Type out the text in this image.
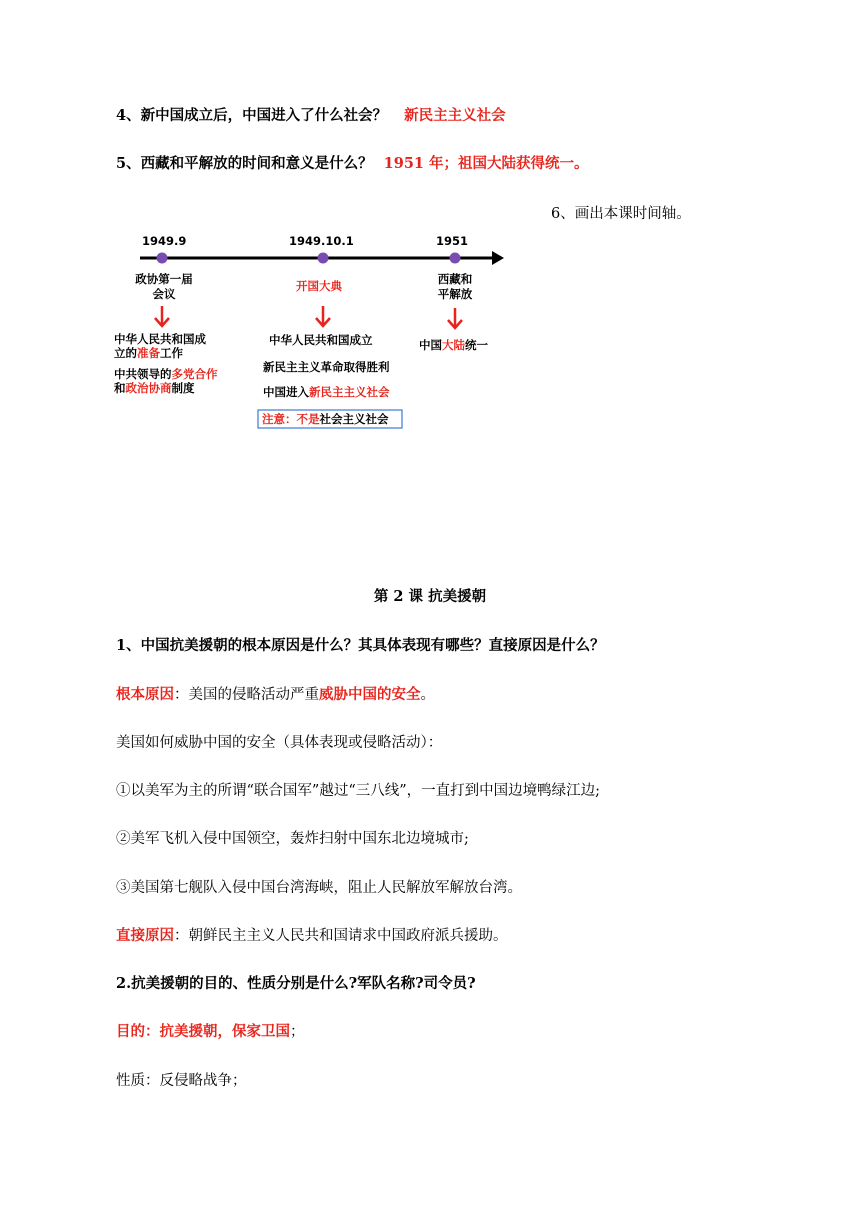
4、新中国成立后，中国进入了什么社会？ 新民主主义社会
5、西藏和平解放的时间和意义是什么？ 1951 年；祖国大陆获得统一。
6、画出本课时间轴。
1949.9	1949.10.1	1951
政协第一届
会议
开国大典	西藏和
平解放
中华人民共和国成
立的准备工作
中共领导的多党合作
和政治协商制度
中华人民共和国成立
新民主主义革命取得胜利
中国进入新民主主义社会
注意：不是社会主义社会
中国大陆统一
第 2 课 抗美援朝
1、中国抗美援朝的根本原因是什么？其具体表现有哪些？直接原因是什么？
根本原因：美国的侵略活动严重威胁中国的安全。
美国如何威胁中国的安全（具体表现或侵略活动）：
①以美军为主的所谓“联合国军”越过“三八线”，一直打到中国边境鸭绿江边;
②美军飞机入侵中国领空，轰炸扫射中国东北边境城市;
③美国第七舰队入侵中国台湾海峡，阻止人民解放军解放台湾。
直接原因：朝鲜民主主义人民共和国请求中国政府派兵援助。
2.抗美援朝的目的、性质分别是什么?军队名称?司令员?
目的：抗美援朝，保家卫国；
性质：反侵略战争；
